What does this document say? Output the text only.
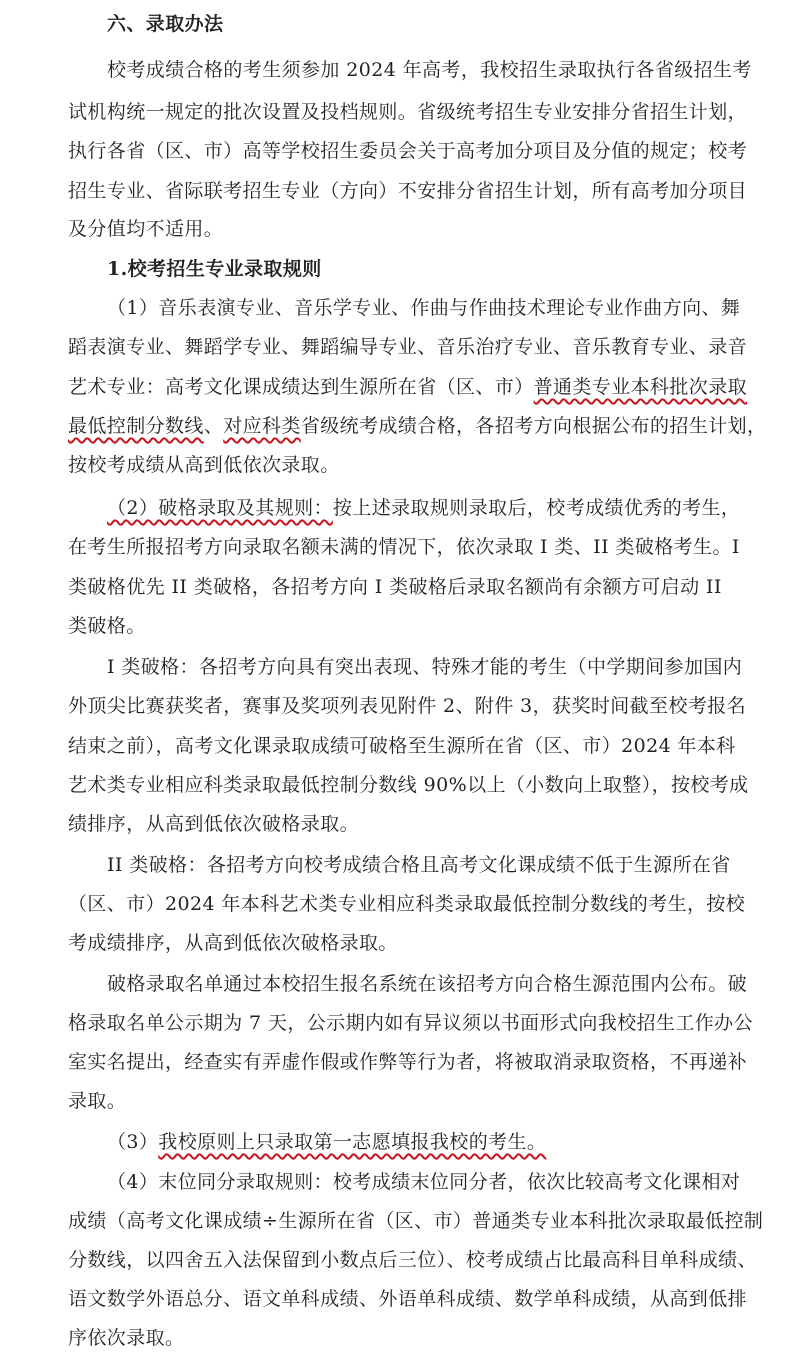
六、录取办法
校考成绩合格的考生须参加 2024 年高考，我校招生录取执行各省级招生考
试机构统一规定的批次设置及投档规则。省级统考招生专业安排分省招生计划，
执行各省（区、市）高等学校招生委员会关于高考加分项目及分值的规定；校考
招生专业、省际联考招生专业（方向）不安排分省招生计划，所有高考加分项目
及分值均不适用。
1.校考招生专业录取规则
（1）音乐表演专业、音乐学专业、作曲与作曲技术理论专业作曲方向、舞
蹈表演专业、舞蹈学专业、舞蹈编导专业、音乐治疗专业、音乐教育专业、录音
艺术专业：高考文化课成绩达到生源所在省（区、市）普通类专业本科批次录取
最低控制分数线、对应科类省级统考成绩合格，各招考方向根据公布的招生计划，
按校考成绩从高到低依次录取。
（2）破格录取及其规则：按上述录取规则录取后，校考成绩优秀的考生，
在考生所报招考方向录取名额未满的情况下，依次录取 I 类、II 类破格考生。I
类破格优先 II 类破格，各招考方向 I 类破格后录取名额尚有余额方可启动 II
类破格。
I 类破格：各招考方向具有突出表现、特殊才能的考生（中学期间参加国内
外顶尖比赛获奖者，赛事及奖项列表见附件 2、附件 3，获奖时间截至校考报名
结束之前），高考文化课录取成绩可破格至生源所在省（区、市）2024 年本科
艺术类专业相应科类录取最低控制分数线 90%以上（小数向上取整），按校考成
绩排序，从高到低依次破格录取。
II 类破格：各招考方向校考成绩合格且高考文化课成绩不低于生源所在省
（区、市）2024 年本科艺术类专业相应科类录取最低控制分数线的考生，按校
考成绩排序，从高到低依次破格录取。
破格录取名单通过本校招生报名系统在该招考方向合格生源范围内公布。破
格录取名单公示期为 7 天，公示期内如有异议须以书面形式向我校招生工作办公
室实名提出，经查实有弄虚作假或作弊等行为者，将被取消录取资格，不再递补
录取。
（3）我校原则上只录取第一志愿填报我校的考生。
（4）末位同分录取规则：校考成绩末位同分者，依次比较高考文化课相对
成绩（高考文化课成绩÷生源所在省（区、市）普通类专业本科批次录取最低控制
分数线，以四舍五入法保留到小数点后三位）、校考成绩占比最高科目单科成绩、
语文数学外语总分、语文单科成绩、外语单科成绩、数学单科成绩，从高到低排
序依次录取。
